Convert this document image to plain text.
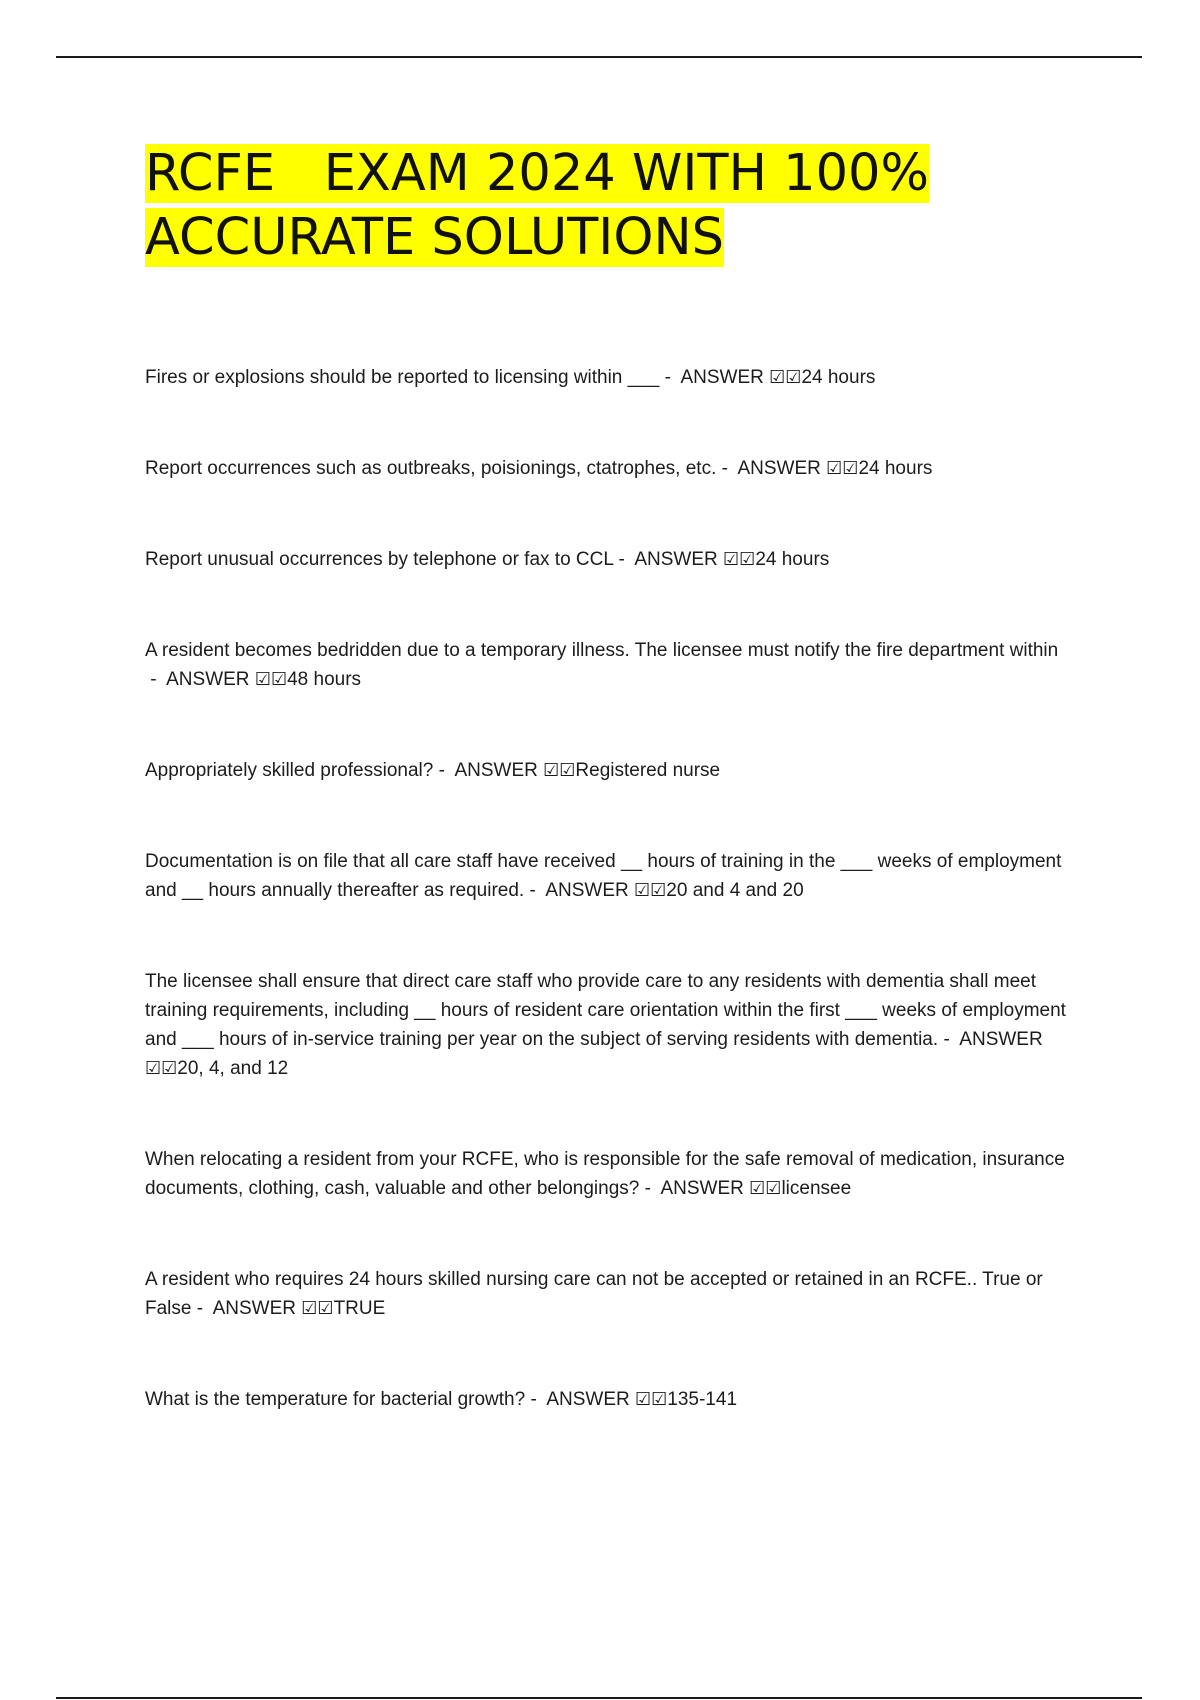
RCFE   EXAM 2024 WITH 100%
ACCURATE SOLUTIONS
Fires or explosions should be reported to licensing within ___ -  ANSWER ☑☑24 hours
Report occurrences such as outbreaks, poisionings, ctatrophes, etc. -  ANSWER ☑☑24 hours
Report unusual occurrences by telephone or fax to CCL -  ANSWER ☑☑24 hours
A resident becomes bedridden due to a temporary illness. The licensee must notify the fire department within -  ANSWER ☑☑48 hours
Appropriately skilled professional? -  ANSWER ☑☑Registered nurse
Documentation is on file that all care staff have received __ hours of training in the ___ weeks of employment and __ hours annually thereafter as required. -  ANSWER ☑☑20 and 4 and 20
The licensee shall ensure that direct care staff who provide care to any residents with dementia shall meet training requirements, including __ hours of resident care orientation within the first ___ weeks of employment and ___ hours of in-service training per year on the subject of serving residents with dementia. -  ANSWER ☑☑20, 4, and 12
When relocating a resident from your RCFE, who is responsible for the safe removal of medication, insurance documents, clothing, cash, valuable and other belongings? -  ANSWER ☑☑licensee
A resident who requires 24 hours skilled nursing care can not be accepted or retained in an RCFE.. True or False -  ANSWER ☑☑TRUE
What is the temperature for bacterial growth? -  ANSWER ☑☑135-141
